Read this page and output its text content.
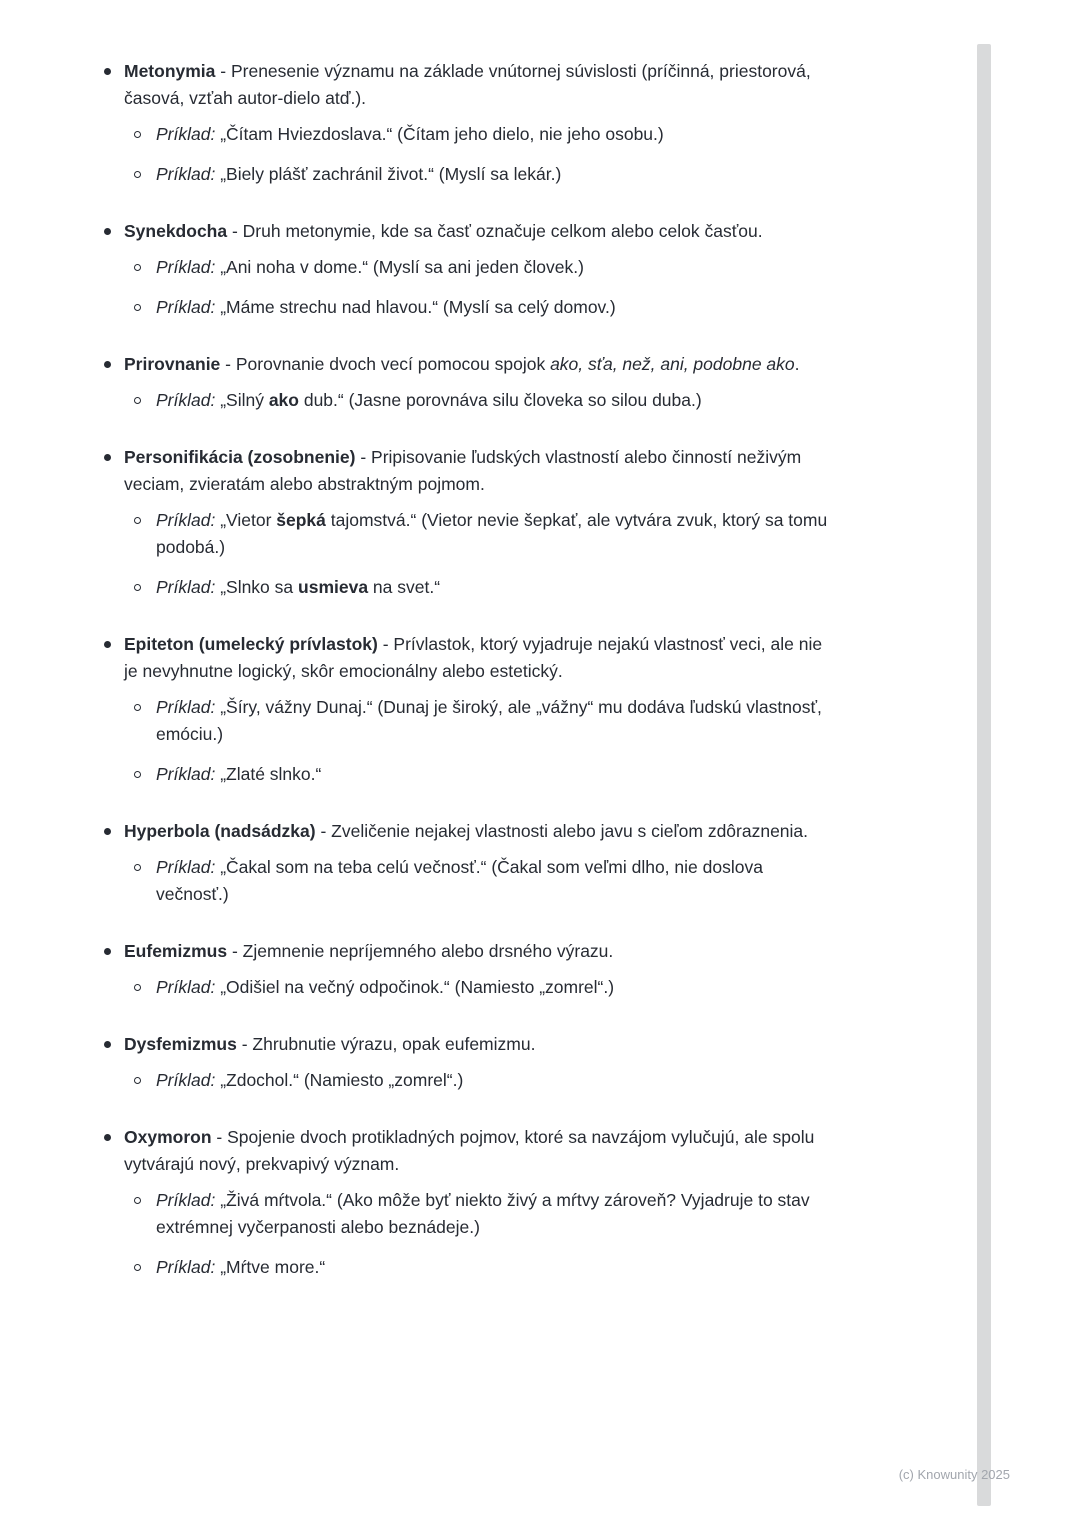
Metonymia - Prenesenie významu na základe vnútornej súvislosti (príčinná, priestorová, časová, vzťah autor-dielo atď.).

Príklad: „Čítam Hviezdoslava.“ (Čítam jeho dielo, nie jeho osobu.)

Príklad: „Biely plášť zachránil život.“ (Myslí sa lekár.)

Synekdocha - Druh metonymie, kde sa časť označuje celkom alebo celok časťou.

Príklad: „Ani noha v dome.“ (Myslí sa ani jeden človek.)

Príklad: „Máme strechu nad hlavou.“ (Myslí sa celý domov.)

Prirovnanie - Porovnanie dvoch vecí pomocou spojok ako, sťa, než, ani, podobne ako.

Príklad: „Silný ako dub.“ (Jasne porovnáva silu človeka so silou duba.)

Personifikácia (zosobnenie) - Pripisovanie ľudských vlastností alebo činností neživým veciam, zvieratám alebo abstraktným pojmom.

Príklad: „Vietor šepká tajomstvá.“ (Vietor nevie šepkať, ale vytvára zvuk, ktorý sa tomu podobá.)

Príklad: „Slnko sa usmieva na svet.“

Epiteton (umelecký prívlastok) - Prívlastok, ktorý vyjadruje nejakú vlastnosť veci, ale nie je nevyhnutne logický, skôr emocionálny alebo estetický.

Príklad: „Šíry, vážny Dunaj.“ (Dunaj je široký, ale „vážny“ mu dodáva ľudskú vlastnosť, emóciu.)

Príklad: „Zlaté slnko.“

Hyperbola (nadsádzka) - Zveličenie nejakej vlastnosti alebo javu s cieľom zdôraznenia.

Príklad: „Čakal som na teba celú večnosť.“ (Čakal som veľmi dlho, nie doslova večnosť.)

Eufemizmus - Zjemnenie nepríjemného alebo drsného výrazu.

Príklad: „Odišiel na večný odpočinok.“ (Namiesto „zomrel“.)

Dysfemizmus - Zhrubnutie výrazu, opak eufemizmu.

Príklad: „Zdochol.“ (Namiesto „zomrel“.)

Oxymoron - Spojenie dvoch protikladných pojmov, ktoré sa navzájom vylučujú, ale spolu vytvárajú nový, prekvapivý význam.

Príklad: „Živá mŕtvola.“ (Ako môže byť niekto živý a mŕtvy zároveň? Vyjadruje to stav extrémnej vyčerpanosti alebo beznádeje.)

Príklad: „Mŕtve more.“

(c) Knowunity 2025
